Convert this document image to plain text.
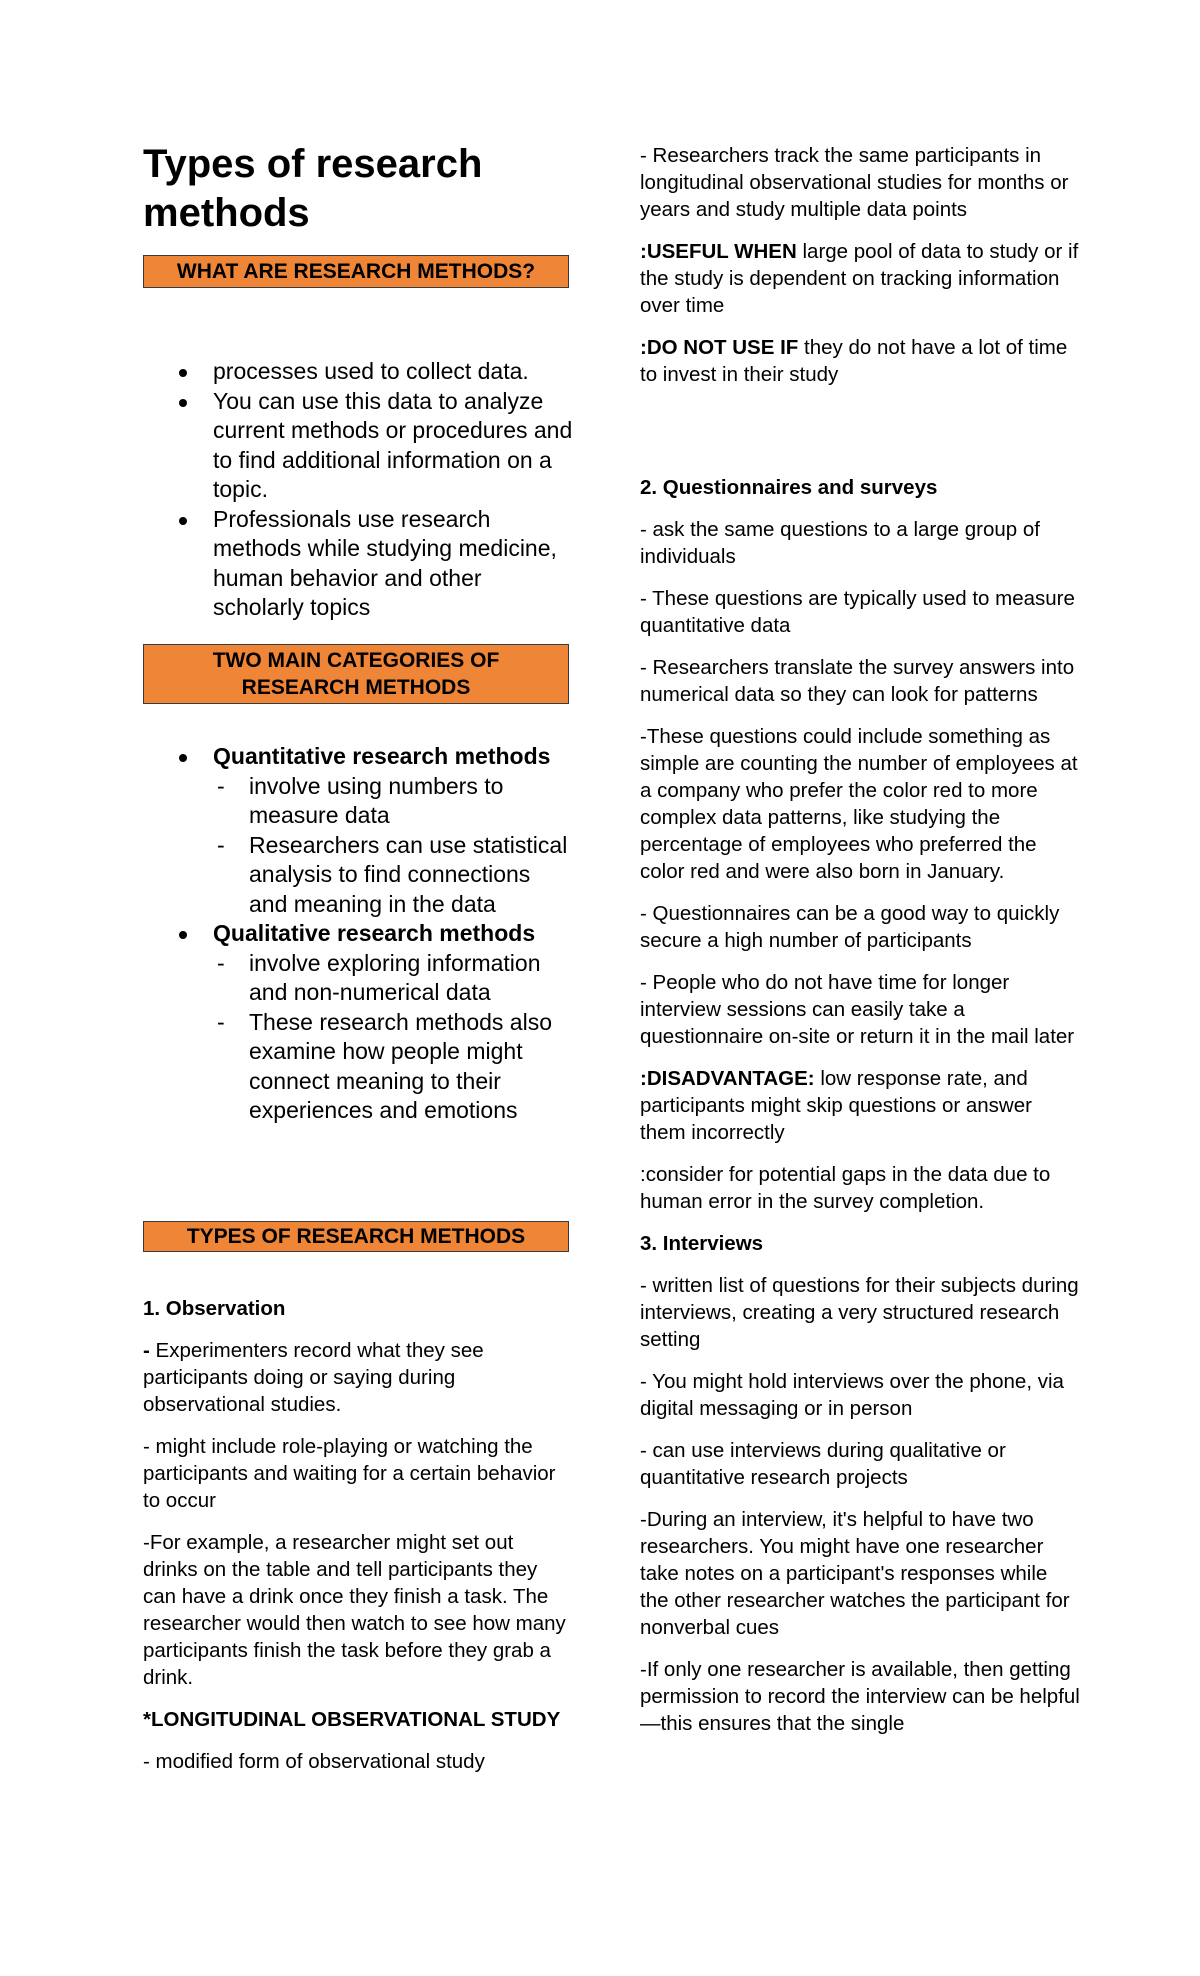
Types of research methods
WHAT ARE RESEARCH METHODS?
processes used to collect data.
You can use this data to analyze current methods or procedures and to find additional information on a topic.
Professionals use research methods while studying medicine, human behavior and other scholarly topics
TWO MAIN CATEGORIES OF RESEARCH METHODS
Quantitative research methods
- involve using numbers to measure data
- Researchers can use statistical analysis to find connections and meaning in the data
Qualitative research methods
- involve exploring information and non-numerical data
- These research methods also examine how people might connect meaning to their experiences and emotions
TYPES OF RESEARCH METHODS

1. Observation

- Experimenters record what they see participants doing or saying during observational studies.

- might include role-playing or watching the participants and waiting for a certain behavior to occur

-For example, a researcher might set out drinks on the table and tell participants they can have a drink once they finish a task. The researcher would then watch to see how many participants finish the task before they grab a drink.

*LONGITUDINAL OBSERVATIONAL STUDY

- modified form of observational study

- Researchers track the same participants in longitudinal observational studies for months or years and study multiple data points

:USEFUL WHEN large pool of data to study or if the study is dependent on tracking information over time

:DO NOT USE IF they do not have a lot of time to invest in their study

2. Questionnaires and surveys

- ask the same questions to a large group of individuals

- These questions are typically used to measure quantitative data

- Researchers translate the survey answers into numerical data so they can look for patterns

-These questions could include something as simple are counting the number of employees at a company who prefer the color red to more complex data patterns, like studying the percentage of employees who preferred the color red and were also born in January.

- Questionnaires can be a good way to quickly secure a high number of participants

- People who do not have time for longer interview sessions can easily take a questionnaire on-site or return it in the mail later

:DISADVANTAGE: low response rate, and participants might skip questions or answer them incorrectly

:consider for potential gaps in the data due to human error in the survey completion.

3. Interviews

- written list of questions for their subjects during interviews, creating a very structured research setting

- You might hold interviews over the phone, via digital messaging or in person

- can use interviews during qualitative or quantitative research projects

-During an interview, it's helpful to have two researchers. You might have one researcher take notes on a participant's responses while the other researcher watches the participant for nonverbal cues

-If only one researcher is available, then getting permission to record the interview can be helpful—this ensures that the single
